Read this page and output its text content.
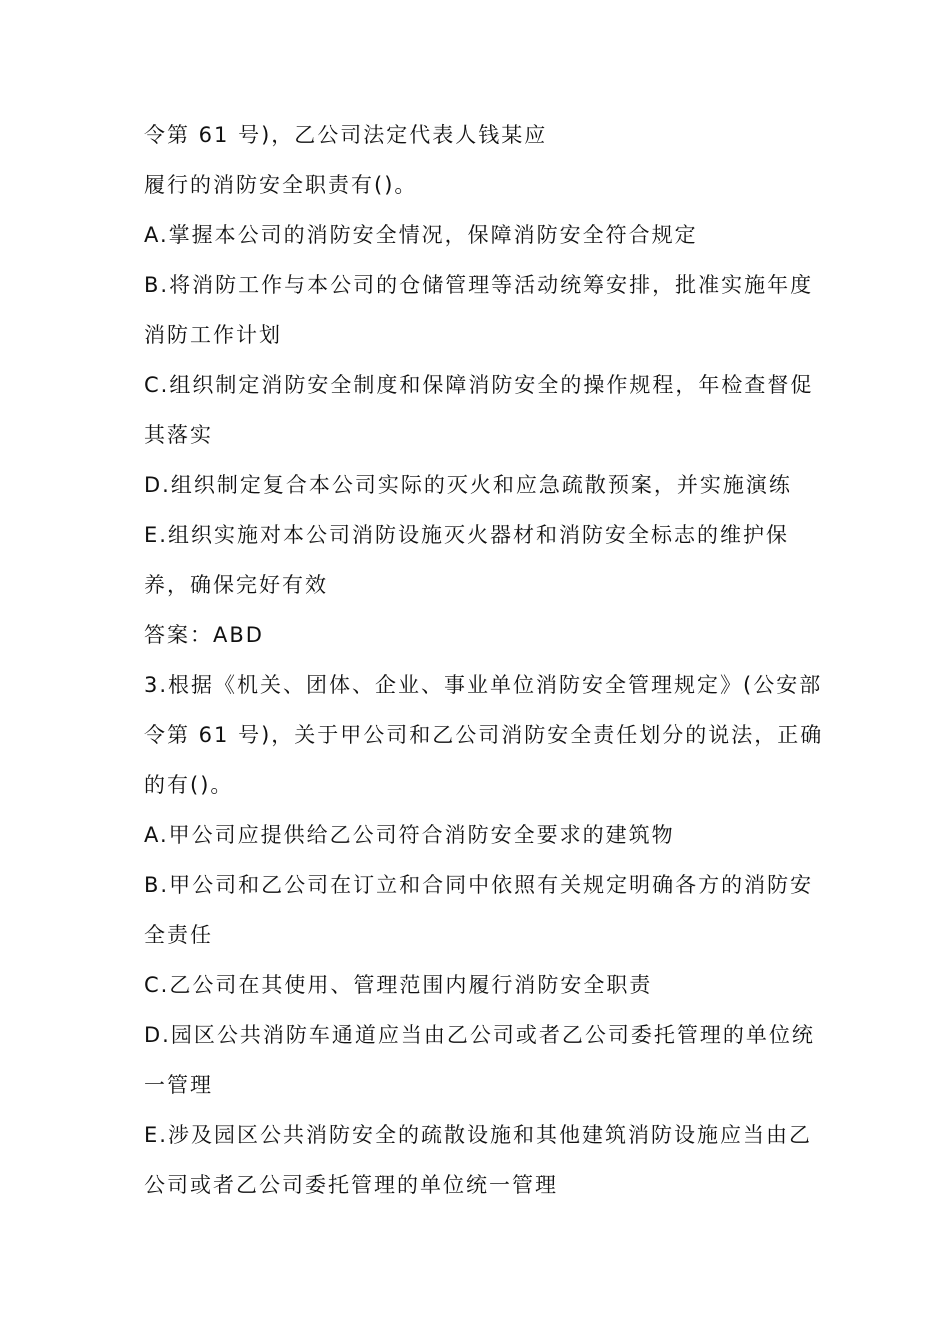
令第 61 号)，乙公司法定代表人钱某应

履行的消防安全职责有()。

A.掌握本公司的消防安全情况，保障消防安全符合规定

B.将消防工作与本公司的仓储管理等活动统筹安排，批准实施年度

消防工作计划

C.组织制定消防安全制度和保障消防安全的操作规程，年检查督促

其落实

D.组织制定复合本公司实际的灭火和应急疏散预案，并实施演练

E.组织实施对本公司消防设施灭火器材和消防安全标志的维护保

养，确保完好有效

答案：ABD

3.根据《机关、团体、企业、事业单位消防安全管理规定》(公安部

令第 61 号)，关于甲公司和乙公司消防安全责任划分的说法，正确

的有()。

A.甲公司应提供给乙公司符合消防安全要求的建筑物

B.甲公司和乙公司在订立和合同中依照有关规定明确各方的消防安

全责任

C.乙公司在其使用、管理范围内履行消防安全职责

D.园区公共消防车通道应当由乙公司或者乙公司委托管理的单位统

一管理

E.涉及园区公共消防安全的疏散设施和其他建筑消防设施应当由乙

公司或者乙公司委托管理的单位统一管理
